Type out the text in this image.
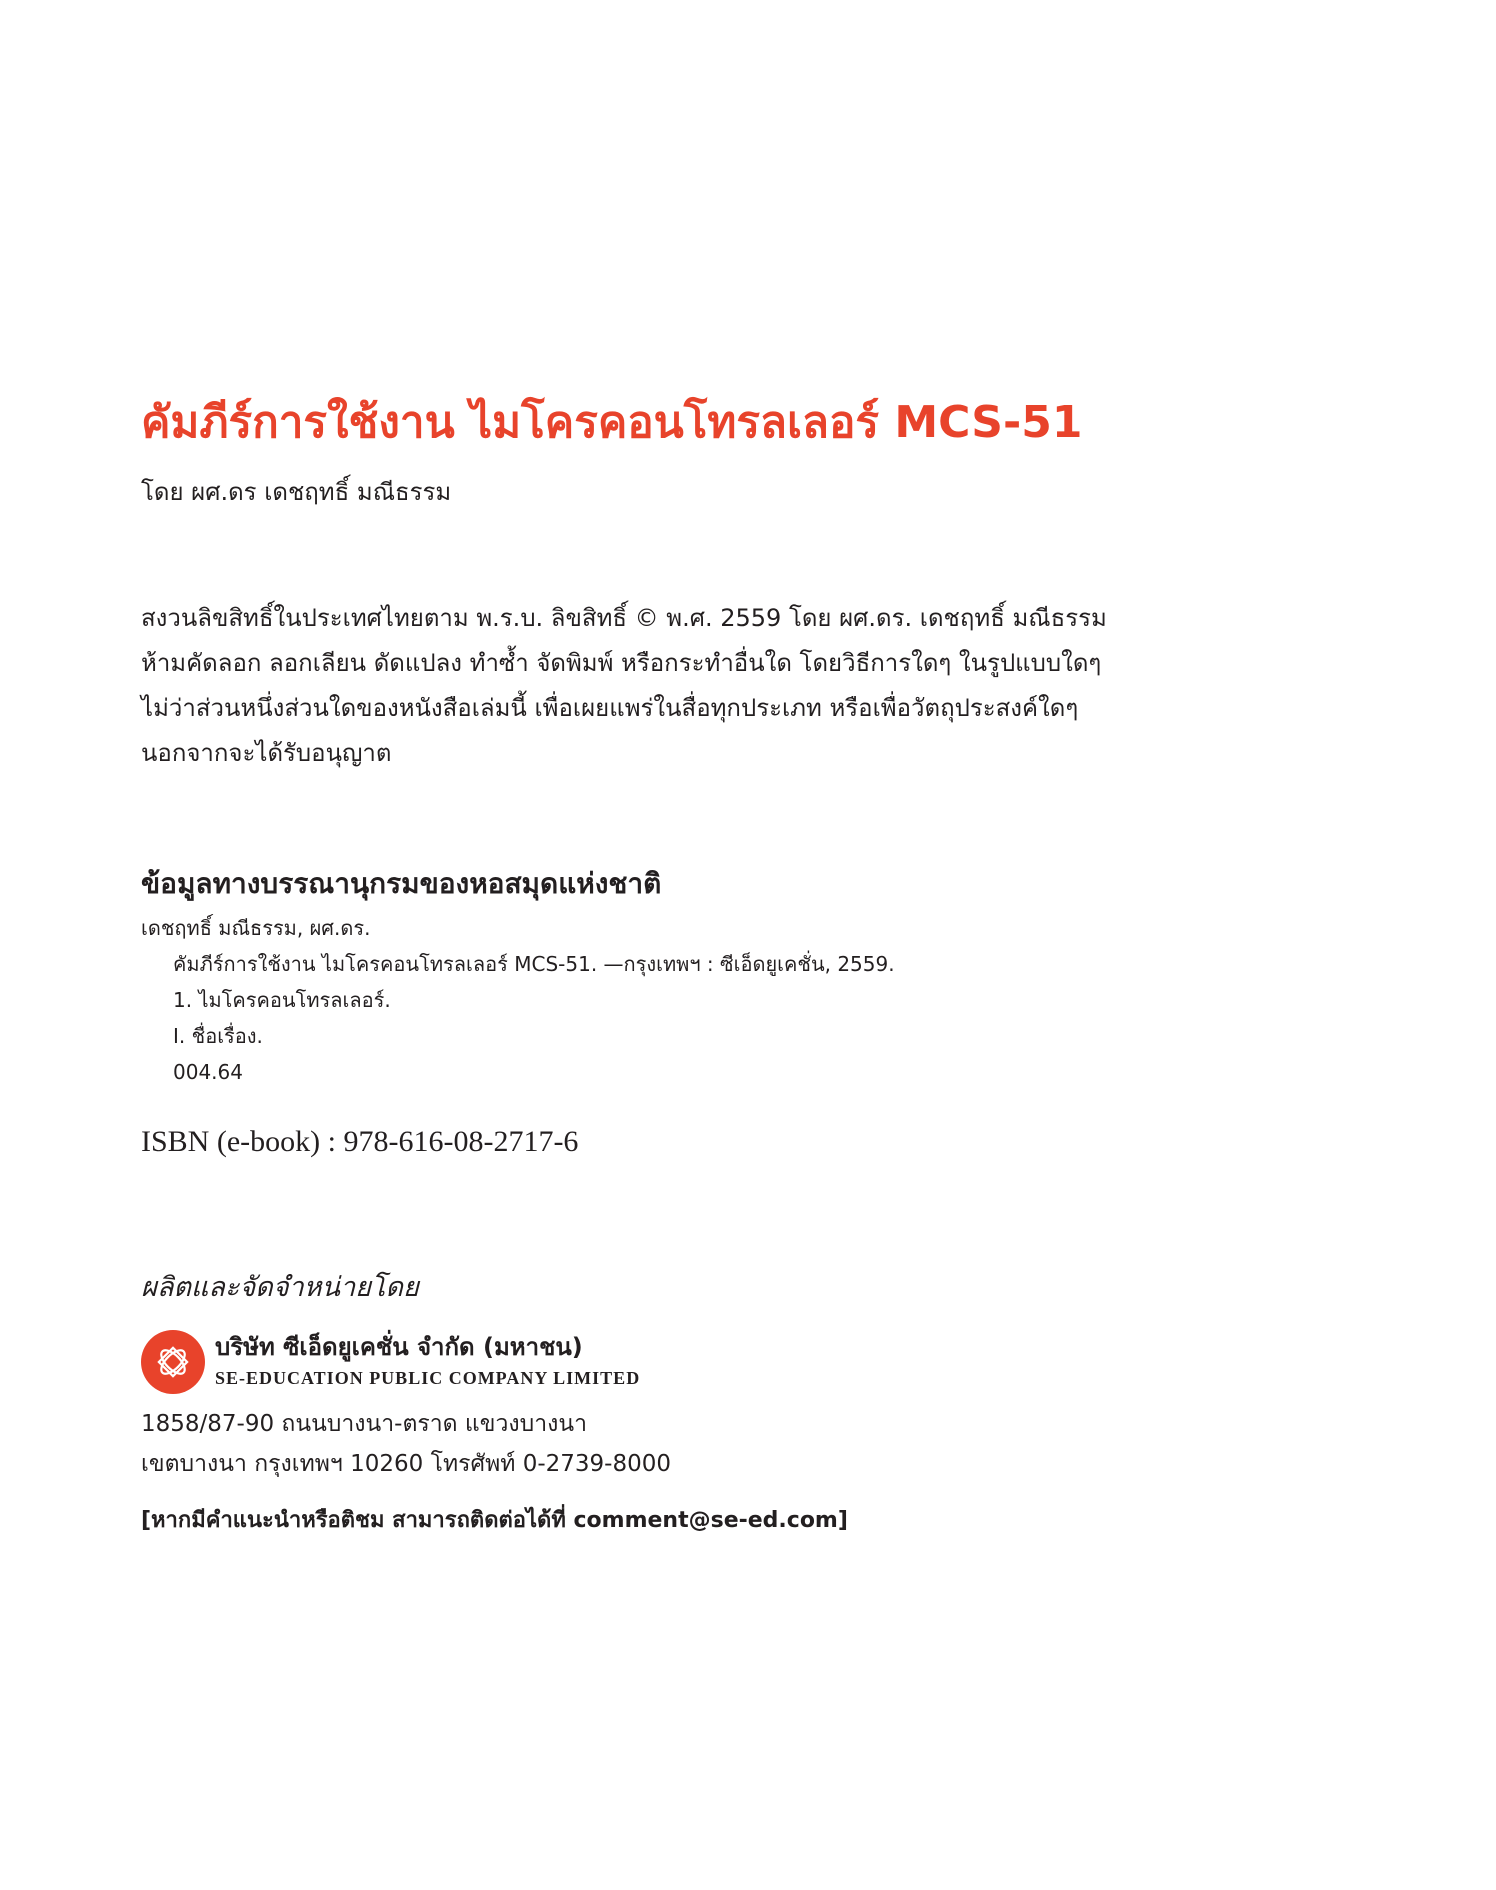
คัมภีร์การใช้งาน ไมโครคอนโทรลเลอร์ MCS-51
โดย ผศ.ดร เดชฤทธิ์ มณีธรรม
สงวนลิขสิทธิ์ในประเทศไทยตาม พ.ร.บ. ลิขสิทธิ์ © พ.ศ. 2559 โดย ผศ.ดร. เดชฤทธิ์ มณีธรรม
ห้ามคัดลอก ลอกเลียน ดัดแปลง ทำซ้ำ จัดพิมพ์ หรือกระทำอื่นใด โดยวิธีการใดๆ ในรูปแบบใดๆ
ไม่ว่าส่วนหนึ่งส่วนใดของหนังสือเล่มนี้ เพื่อเผยแพร่ในสื่อทุกประเภท หรือเพื่อวัตถุประสงค์ใดๆ
นอกจากจะได้รับอนุญาต
ข้อมูลทางบรรณานุกรมของหอสมุดแห่งชาติ
เดชฤทธิ์ มณีธรรม, ผศ.ดร.
คัมภีร์การใช้งาน ไมโครคอนโทรลเลอร์ MCS-51. —กรุงเทพฯ : ซีเอ็ดยูเคชั่น, 2559.
1. ไมโครคอนโทรลเลอร์.
I. ชื่อเรื่อง.
004.64
ISBN (e-book) : 978-616-08-2717-6
ผลิตและจัดจำหน่ายโดย
บริษัท ซีเอ็ดยูเคชั่น จำกัด (มหาชน)
SE-EDUCATION PUBLIC COMPANY LIMITED
1858/87-90 ถนนบางนา-ตราด แขวงบางนา
เขตบางนา กรุงเทพฯ 10260 โทรศัพท์ 0-2739-8000
[หากมีคำแนะนำหรือติชม สามารถติดต่อได้ที่ comment@se-ed.com]
